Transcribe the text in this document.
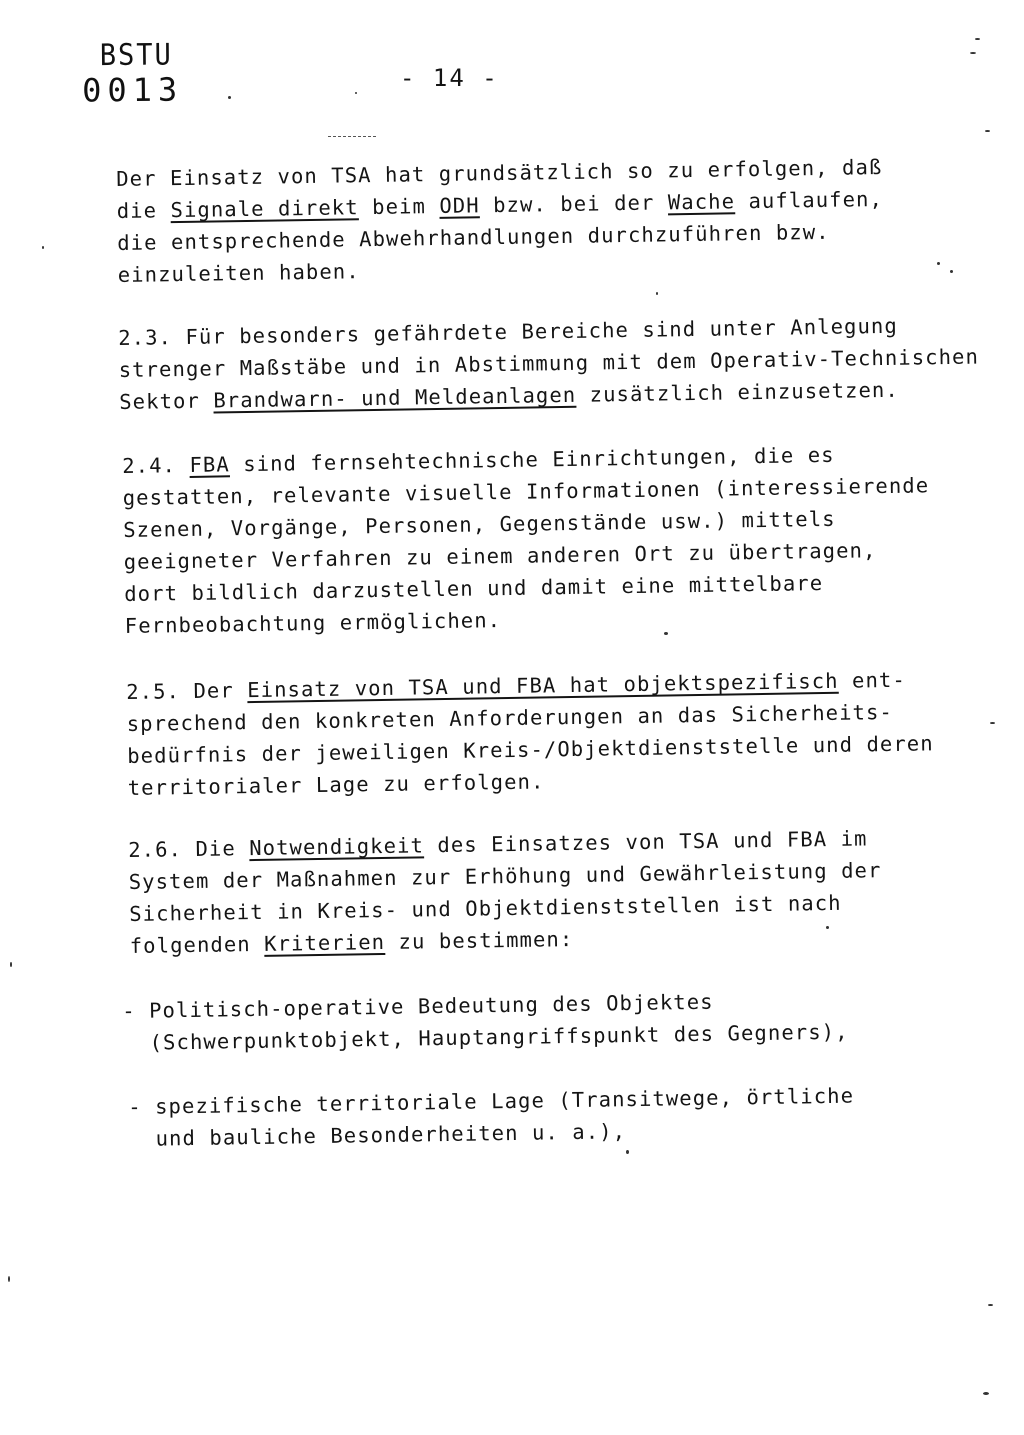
BSTU
0013	- 14 -
Der Einsatz von TSA hat grundsätzlich so zu erfolgen, daß
die Signale direkt beim ODH bzw. bei der Wache auflaufen,
die entsprechende Abwehrhandlungen durchzuführen bzw.
einzuleiten haben.
2.3. Für besonders gefährdete Bereiche sind unter Anlegung
strenger Maßstäbe und in Abstimmung mit dem Operativ-Technischen
Sektor Brandwarn- und Meldeanlagen zusätzlich einzusetzen.
2.4. FBA sind fernsehtechnische Einrichtungen, die es
gestatten, relevante visuelle Informationen (interessierende
Szenen, Vorgänge, Personen, Gegenstände usw.) mittels
geeigneter Verfahren zu einem anderen Ort zu übertragen,
dort bildlich darzustellen und damit eine mittelbare
Fernbeobachtung ermöglichen.
2.5. Der Einsatz von TSA und FBA hat objektspezifisch ent-
sprechend den konkreten Anforderungen an das Sicherheits-
bedürfnis der jeweiligen Kreis-/Objektdienststelle und deren
territorialer Lage zu erfolgen.
2.6. Die Notwendigkeit des Einsatzes von TSA und FBA im
System der Maßnahmen zur Erhöhung und Gewährleistung der
Sicherheit in Kreis- und Objektdienststellen ist nach
folgenden Kriterien zu bestimmen:
- Politisch-operative Bedeutung des Objektes
(Schwerpunktobjekt, Hauptangriffspunkt des Gegners),
- spezifische territoriale Lage (Transitwege, örtliche
und bauliche Besonderheiten u. a.),
